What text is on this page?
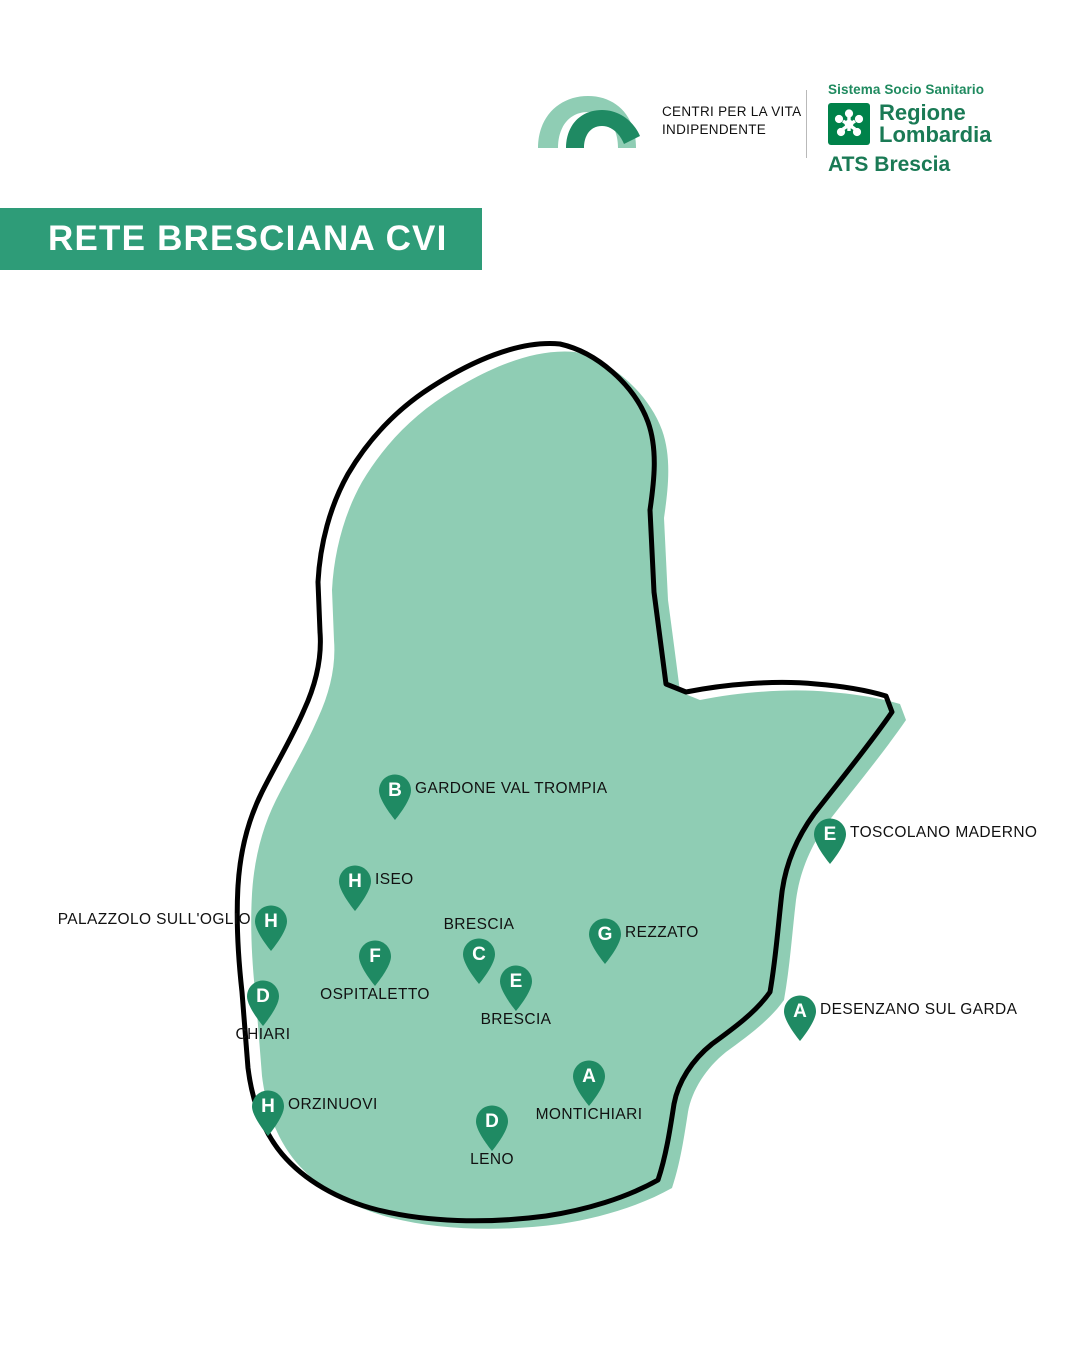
CENTRI PER LA VITA
INDIPENDENTE
Sistema Socio Sanitario
Regione
Lombardia
ATS Brescia
RETE BRESCIANA CVI
B GARDONE VAL TROMPIA
E TOSCOLANO MADERNO
H ISEO
H
PALAZZOLO SULL'OGLIO
C
BRESCIA	G REZZATO
F
OSPITALETTO
E
BRESCIA
D
CHIARI
A DESENZANO SUL GARDA
A
MONTICHIARI
H ORZINUOVI
D
LENO
